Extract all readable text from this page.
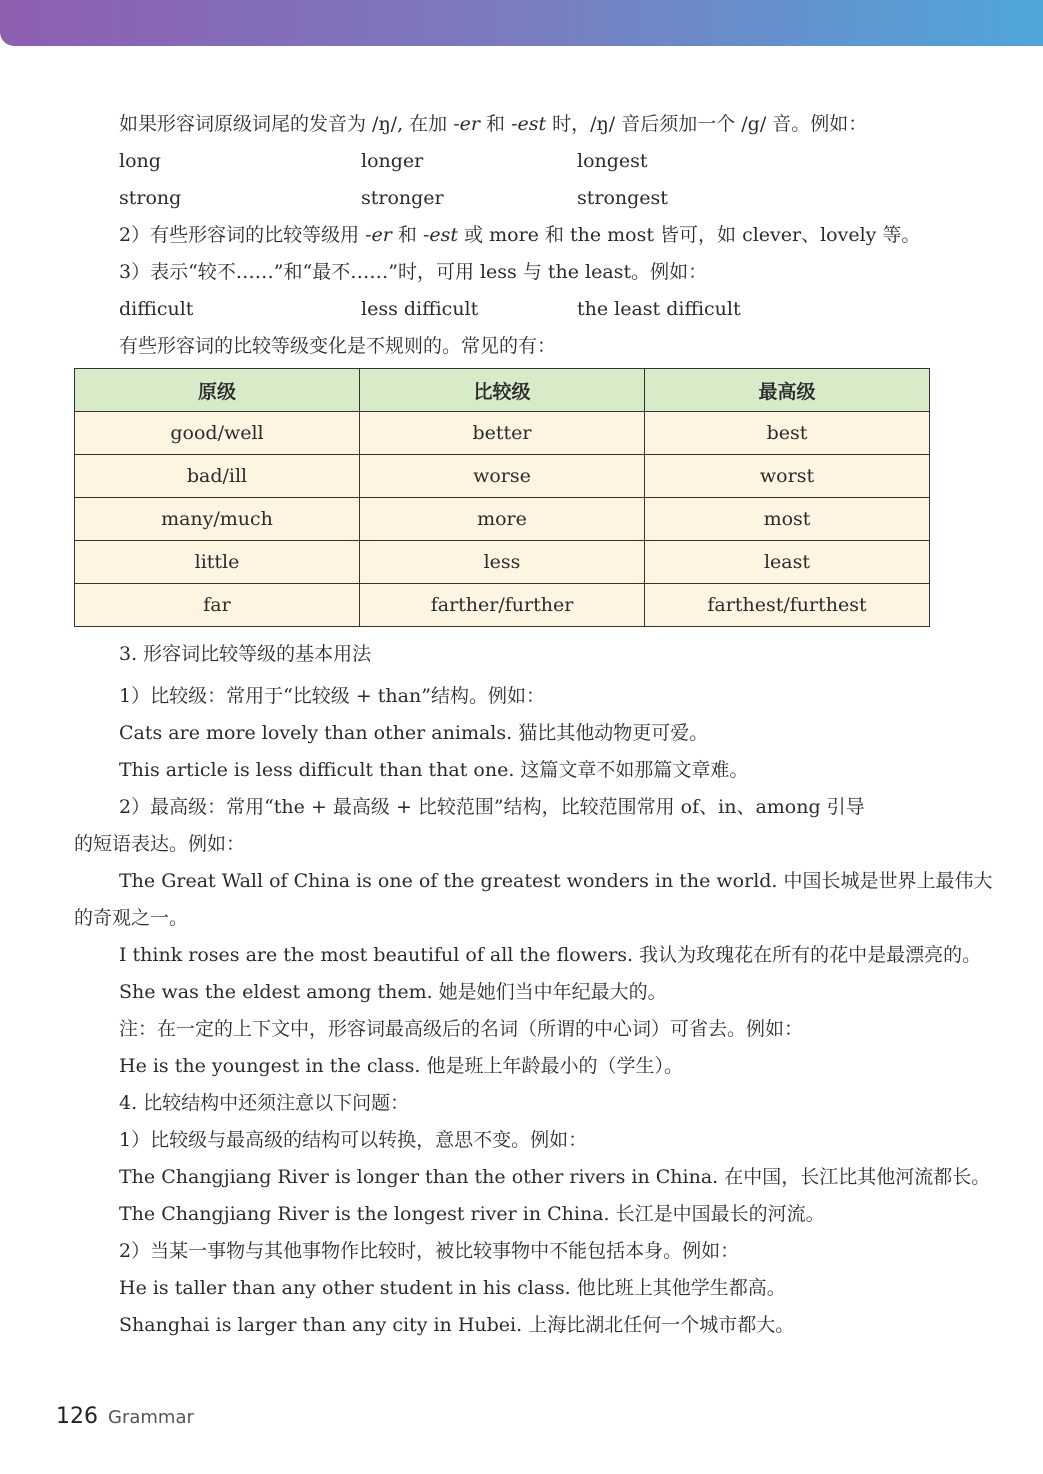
如果形容词原级词尾的发音为 /ŋ/, 在加 -er 和 -est 时，/ŋ/ 音后须加一个 /g/ 音。例如：
long	longer	longest
strong	stronger	strongest
2）有些形容词的比较等级用 -er 和 -est 或 more 和 the most 皆可，如 clever、lovely 等。
3）表示“较不……”和“最不……”时，可用 less 与 the least。例如：
difficult	less difficult	the least difficult
有些形容词的比较等级变化是不规则的。常见的有：
原级	比较级	最高级
good/well	better	best
bad/ill	worse	worst
many/much	more	most
little	less	least
far	farther/further	farthest/furthest
3. 形容词比较等级的基本用法
1）比较级：常用于“比较级 + than”结构。例如：
Cats are more lovely than other animals. 猫比其他动物更可爱。
This article is less difficult than that one. 这篇文章不如那篇文章难。
2）最高级：常用“the + 最高级 + 比较范围”结构，比较范围常用 of、in、among 引导
的短语表达。例如：
The Great Wall of China is one of the greatest wonders in the world. 中国长城是世界上最伟大
的奇观之一。
I think roses are the most beautiful of all the flowers. 我认为玫瑰花在所有的花中是最漂亮的。
She was the eldest among them. 她是她们当中年纪最大的。
注：在一定的上下文中，形容词最高级后的名词（所谓的中心词）可省去。例如：
He is the youngest in the class. 他是班上年龄最小的（学生）。
4. 比较结构中还须注意以下问题：
1）比较级与最高级的结构可以转换，意思不变。例如：
The Changjiang River is longer than the other rivers in China. 在中国，长江比其他河流都长。
The Changjiang River is the longest river in China. 长江是中国最长的河流。
2）当某一事物与其他事物作比较时，被比较事物中不能包括本身。例如：
He is taller than any other student in his class. 他比班上其他学生都高。
Shanghai is larger than any city in Hubei. 上海比湖北任何一个城市都大。
126 Grammar
